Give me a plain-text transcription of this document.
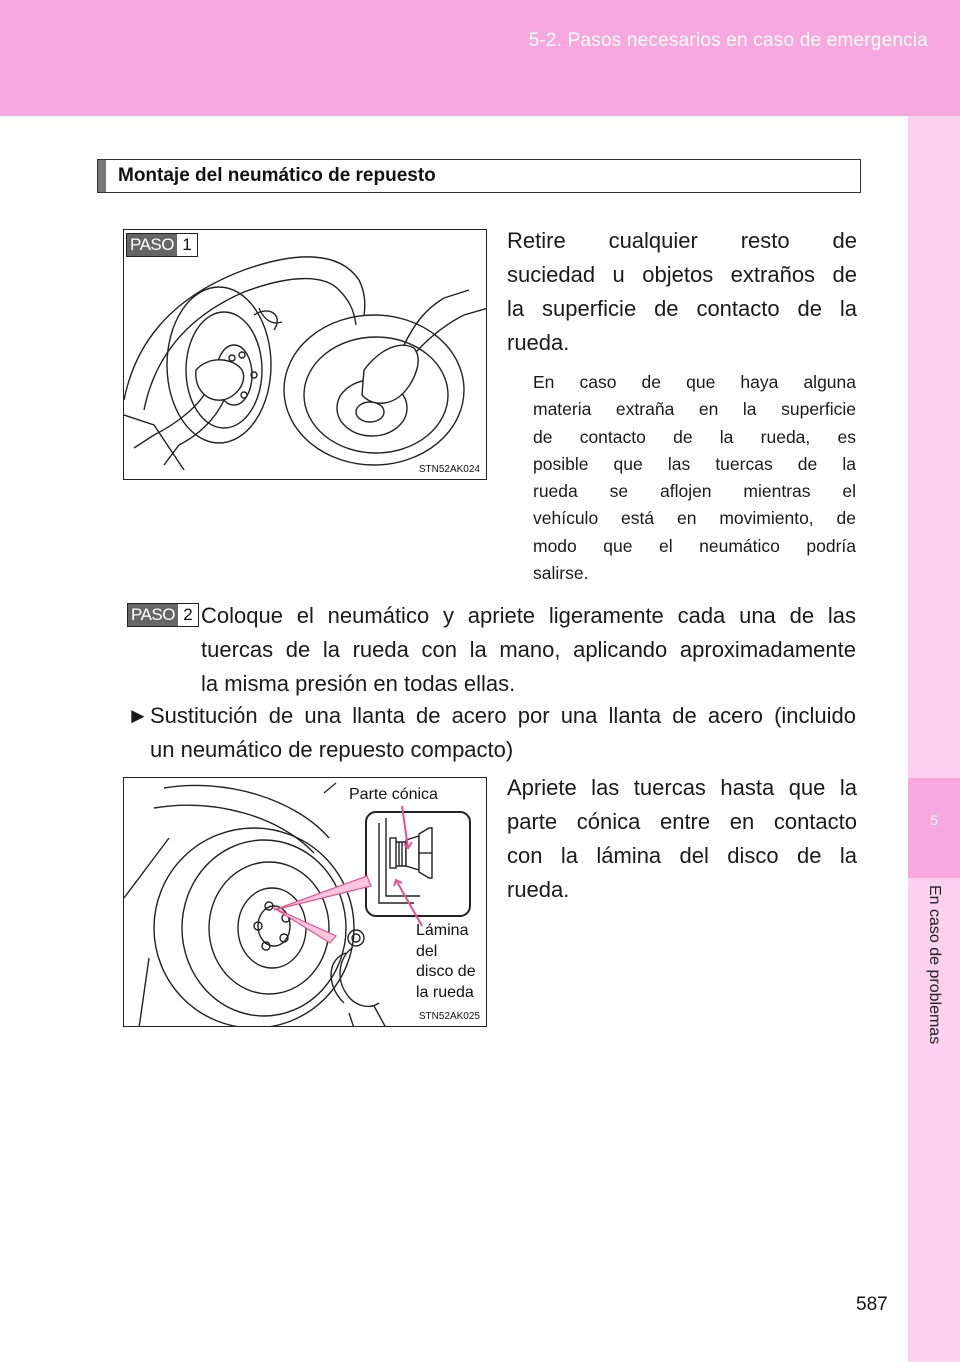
5-2. Pasos necesarios en caso de emergencia
5
En caso de problemas
Montaje del neumático de repuesto
PASO 1
STN52AK024
Retire cualquier resto de
suciedad u objetos extraños de
la superficie de contacto de la
rueda.
En caso de que haya alguna
materia extraña en la superficie
de contacto de la rueda, es
posible que las tuercas de la
rueda se aflojen mientras el
vehículo está en movimiento, de
modo que el neumático podría
salirse.
PASO 2 Coloque el neumático y apriete ligeramente cada una de las
tuercas de la rueda con la mano, aplicando aproximadamente
la misma presión en todas ellas.
► Sustitución de una llanta de acero por una llanta de acero (incluido
un neumático de repuesto compacto)
Parte cónica
Lámina
del
disco de
la rueda
STN52AK025
Apriete las tuercas hasta que la
parte cónica entre en contacto
con la lámina del disco de la
rueda.
587
